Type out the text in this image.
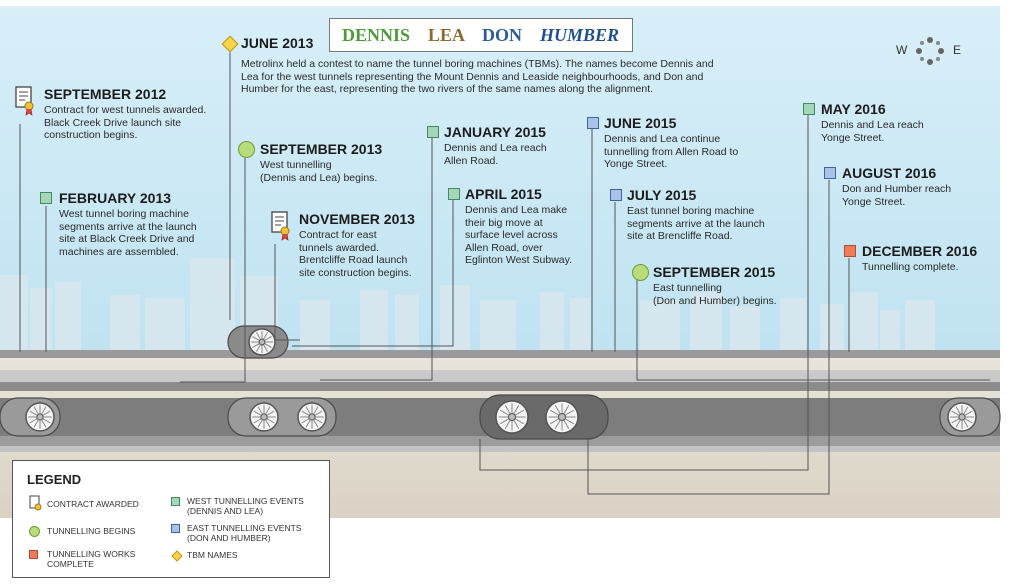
DENNIS LEA DON HUMBER
W	E
SEPTEMBER 2012
Contract for west tunnels awarded.
Black Creek Drive launch site
construction begins.
FEBRUARY 2013
West tunnel boring machine
segments arrive at the launch
site at Black Creek Drive and
machines are assembled.
JUNE 2013
Metrolinx held a contest to name the tunnel boring machines (TBMs). The names become Dennis and
Lea for the west tunnels representing the Mount Dennis and Leaside neighbourhoods, and Don and
Humber for the east, representing the two rivers of the same names along the alignment.
SEPTEMBER 2013
West tunnelling
(Dennis and Lea) begins.
NOVEMBER 2013
Contract for east
tunnels awarded.
Brentcliffe Road launch
site construction begins.
JANUARY 2015
Dennis and Lea reach
Allen Road.
APRIL 2015
Dennis and Lea make
their big move at
surface level across
Allen Road, over
Eglinton West Subway.
JUNE 2015
Dennis and Lea continue
tunnelling from Allen Road to
Yonge Street.
JULY 2015
East tunnel boring machine
segments arrive at the launch
site at Brencliffe Road.
SEPTEMBER 2015
East tunnelling
(Don and Humber) begins.
MAY 2016
Dennis and Lea reach
Yonge Street.
AUGUST 2016
Don and Humber reach
Yonge Street.
DECEMBER 2016
Tunnelling complete.
LEGEND
CONTRACT AWARDED	WEST TUNNELLING EVENTS
(DENNIS AND LEA)
TUNNELLING BEGINS	EAST TUNNELLING EVENTS
(DON AND HUMBER)
TUNNELLING WORKS
COMPLETE
TBM NAMES
